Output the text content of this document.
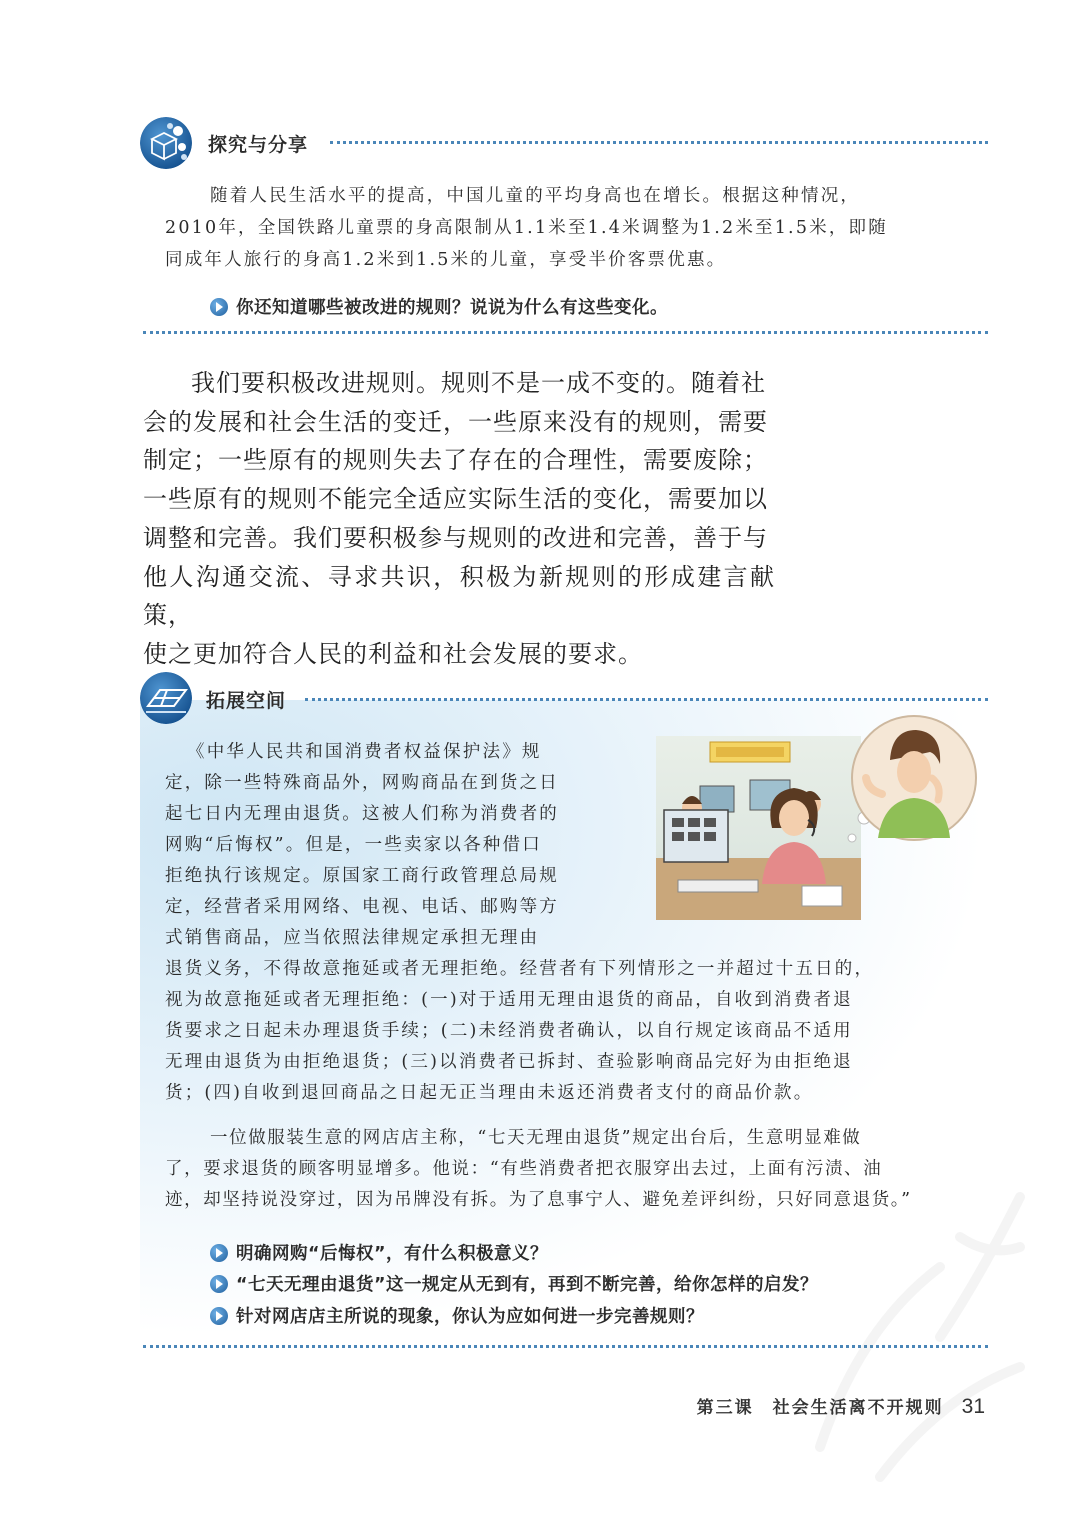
探究与分享
随着人民生活水平的提高，中国儿童的平均身高也在增长。根据这种情况，
2010年，全国铁路儿童票的身高限制从1.1米至1.4米调整为1.2米至1.5米，即随
同成年人旅行的身高1.2米到1.5米的儿童，享受半价客票优惠。
你还知道哪些被改进的规则？说说为什么有这些变化。
我们要积极改进规则。规则不是一成不变的。随着社
会的发展和社会生活的变迁，一些原来没有的规则，需要
制定；一些原有的规则失去了存在的合理性，需要废除；
一些原有的规则不能完全适应实际生活的变化，需要加以
调整和完善。我们要积极参与规则的改进和完善，善于与
他人沟通交流、寻求共识，积极为新规则的形成建言献策，
使之更加符合人民的利益和社会发展的要求。
拓展空间
《中华人民共和国消费者权益保护法》规
定，除一些特殊商品外，网购商品在到货之日
起七日内无理由退货。这被人们称为消费者的
网购“后悔权”。但是，一些卖家以各种借口
拒绝执行该规定。原国家工商行政管理总局规
定，经营者采用网络、电视、电话、邮购等方
式销售商品，应当依照法律规定承担无理由
退货义务，不得故意拖延或者无理拒绝。经营者有下列情形之一并超过十五日的，
视为故意拖延或者无理拒绝：(一)对于适用无理由退货的商品，自收到消费者退
货要求之日起未办理退货手续；(二)未经消费者确认，以自行规定该商品不适用
无理由退货为由拒绝退货；(三)以消费者已拆封、查验影响商品完好为由拒绝退
货；(四)自收到退回商品之日起无正当理由未返还消费者支付的商品价款。
一位做服装生意的网店店主称，“七天无理由退货”规定出台后，生意明显难做
了，要求退货的顾客明显增多。他说：“有些消费者把衣服穿出去过，上面有污渍、油
迹，却坚持说没穿过，因为吊牌没有拆。为了息事宁人、避免差评纠纷，只好同意退货。”
明确网购“后悔权”，有什么积极意义？
“七天无理由退货”这一规定从无到有，再到不断完善，给你怎样的启发？
针对网店店主所说的现象，你认为应如何进一步完善规则？
第三课　社会生活离不开规则 31
